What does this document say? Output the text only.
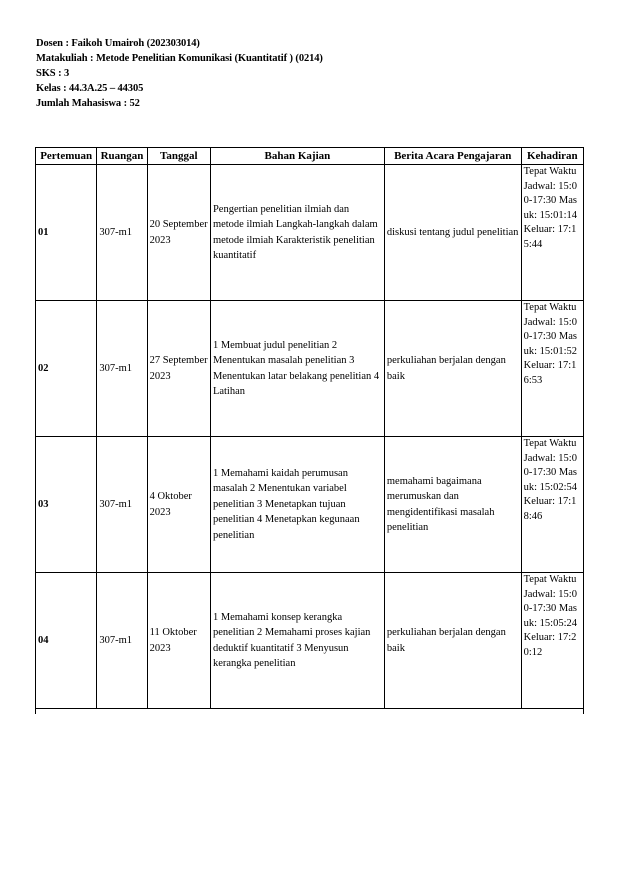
Dosen : Faikoh Umairoh (202303014)
Matakuliah : Metode Penelitian Komunikasi (Kuantitatif ) (0214)
SKS : 3
Kelas : 44.3A.25 – 44305
Jumlah Mahasiswa : 52
Pertemuan	Ruangan	Tanggal	Bahan Kajian	Berita Acara Pengajaran	Kehadiran
01	307-m1	20 September 2023	Pengertian penelitian ilmiah dan metode ilmiah Langkah-langkah dalam metode ilmiah Karakteristik penelitian kuantitatif	diskusi tentang judul penelitian	Tepat Waktu Jadwal: 15:00-17:30 Masuk: 15:01:14 Keluar: 17:15:44
02	307-m1	27 September 2023	1 Membuat judul penelitian 2 Menentukan masalah penelitian 3 Menentukan latar belakang penelitian 4 Latihan	perkuliahan berjalan dengan baik	Tepat Waktu Jadwal: 15:00-17:30 Masuk: 15:01:52 Keluar: 17:16:53
03	307-m1	4 Oktober 2023	1 Memahami kaidah perumusan masalah 2 Menentukan variabel penelitian 3 Menetapkan tujuan penelitian 4 Menetapkan kegunaan penelitian	memahami bagaimana merumuskan dan mengidentifikasi masalah penelitian	Tepat Waktu Jadwal: 15:00-17:30 Masuk: 15:02:54 Keluar: 17:18:46
04	307-m1	11 Oktober 2023	1 Memahami konsep kerangka penelitian 2 Memahami proses kajian deduktif kuantitatif 3 Menyusun kerangka penelitian	perkuliahan berjalan dengan baik	Tepat Waktu Jadwal: 15:00-17:30 Masuk: 15:05:24 Keluar: 17:20:12
